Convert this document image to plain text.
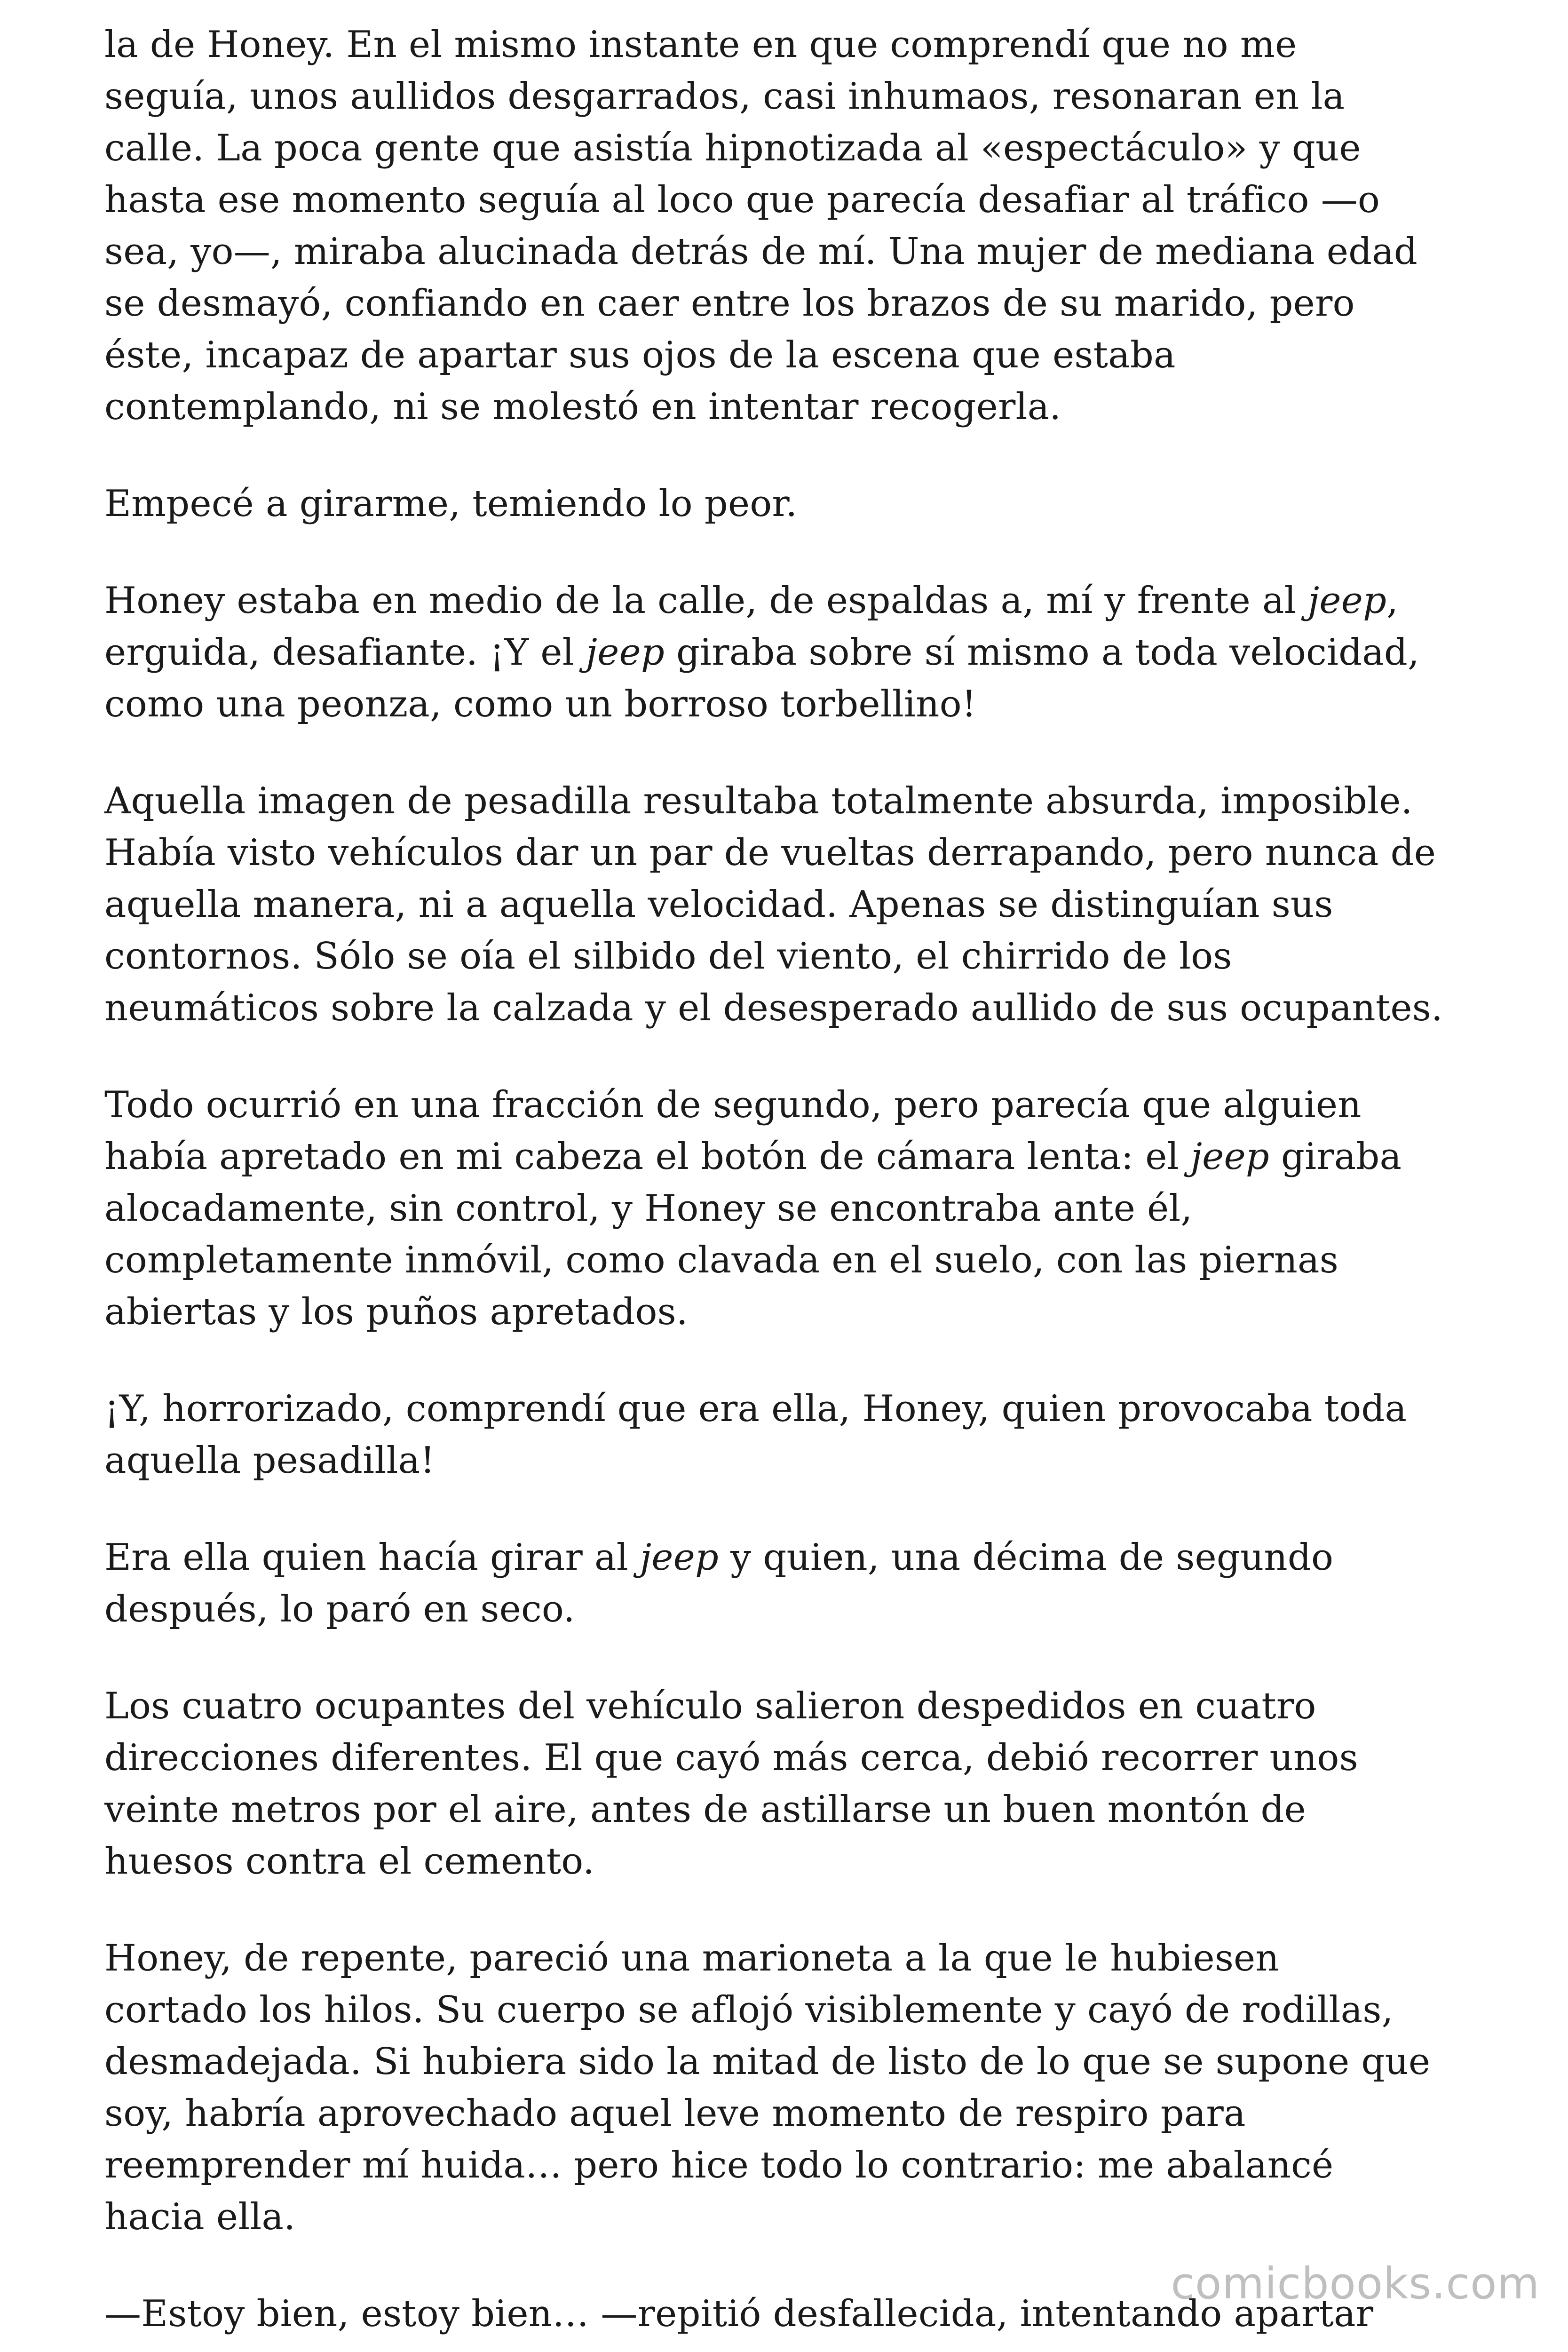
la de Honey. En el mismo instante en que comprendí que no me
seguía, unos aullidos desgarrados, casi inhumaos, resonaran en la
calle. La poca gente que asistía hipnotizada al «espectáculo» y que
hasta ese momento seguía al loco que parecía desafiar al tráfico —o
sea, yo—, miraba alucinada detrás de mí. Una mujer de mediana edad
se desmayó, confiando en caer entre los brazos de su marido, pero
éste, incapaz de apartar sus ojos de la escena que estaba
contemplando, ni se molestó en intentar recogerla.
Empecé a girarme, temiendo lo peor.
Honey estaba en medio de la calle, de espaldas a, mí y frente al jeep,
erguida, desafiante. ¡Y el jeep giraba sobre sí mismo a toda velocidad,
como una peonza, como un borroso torbellino!
Aquella imagen de pesadilla resultaba totalmente absurda, imposible.
Había visto vehículos dar un par de vueltas derrapando, pero nunca de
aquella manera, ni a aquella velocidad. Apenas se distinguían sus
contornos. Sólo se oía el silbido del viento, el chirrido de los
neumáticos sobre la calzada y el desesperado aullido de sus ocupantes.
Todo ocurrió en una fracción de segundo, pero parecía que alguien
había apretado en mi cabeza el botón de cámara lenta: el jeep giraba
alocadamente, sin control, y Honey se encontraba ante él,
completamente inmóvil, como clavada en el suelo, con las piernas
abiertas y los puños apretados.
¡Y, horrorizado, comprendí que era ella, Honey, quien provocaba toda
aquella pesadilla!
Era ella quien hacía girar al jeep y quien, una décima de segundo
después, lo paró en seco.
Los cuatro ocupantes del vehículo salieron despedidos en cuatro
direcciones diferentes. El que cayó más cerca, debió recorrer unos
veinte metros por el aire, antes de astillarse un buen montón de
huesos contra el cemento.
Honey, de repente, pareció una marioneta a la que le hubiesen
cortado los hilos. Su cuerpo se aflojó visiblemente y cayó de rodillas,
desmadejada. Si hubiera sido la mitad de listo de lo que se supone que
soy, habría aprovechado aquel leve momento de respiro para
reemprender mí huida… pero hice todo lo contrario: me abalancé
hacia ella.
—Estoy bien, estoy bien… —repitió desfallecida, intentando apartar
comicbooks.com
